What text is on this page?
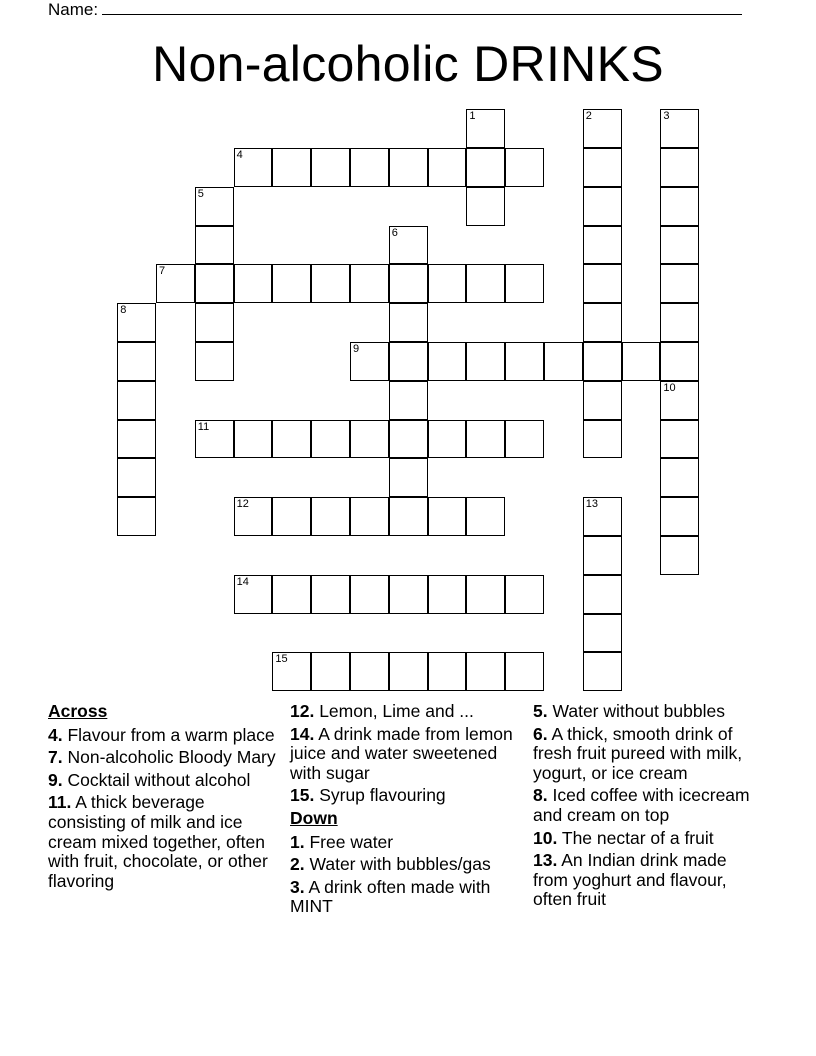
Name:
Non-alcoholic DRINKS
1	2	3
4
5
6
7
8
9
10
11
12	13
14
15
Across
4. Flavour from a warm place
7. Non-alcoholic Bloody Mary
9. Cocktail without alcohol
11. A thick beverage consisting of milk and ice cream mixed together, often with fruit, chocolate, or other flavoring
12. Lemon, Lime and ...
14. A drink made from lemon juice and water sweetened with sugar
15. Syrup flavouring
Down
1. Free water
2. Water with bubbles/gas
3. A drink often made with MINT
5. Water without bubbles
6. A thick, smooth drink of fresh fruit pureed with milk, yogurt, or ice cream
8. Iced coffee with icecream and cream on top
10. The nectar of a fruit
13. An Indian drink made from yoghurt and flavour, often fruit
